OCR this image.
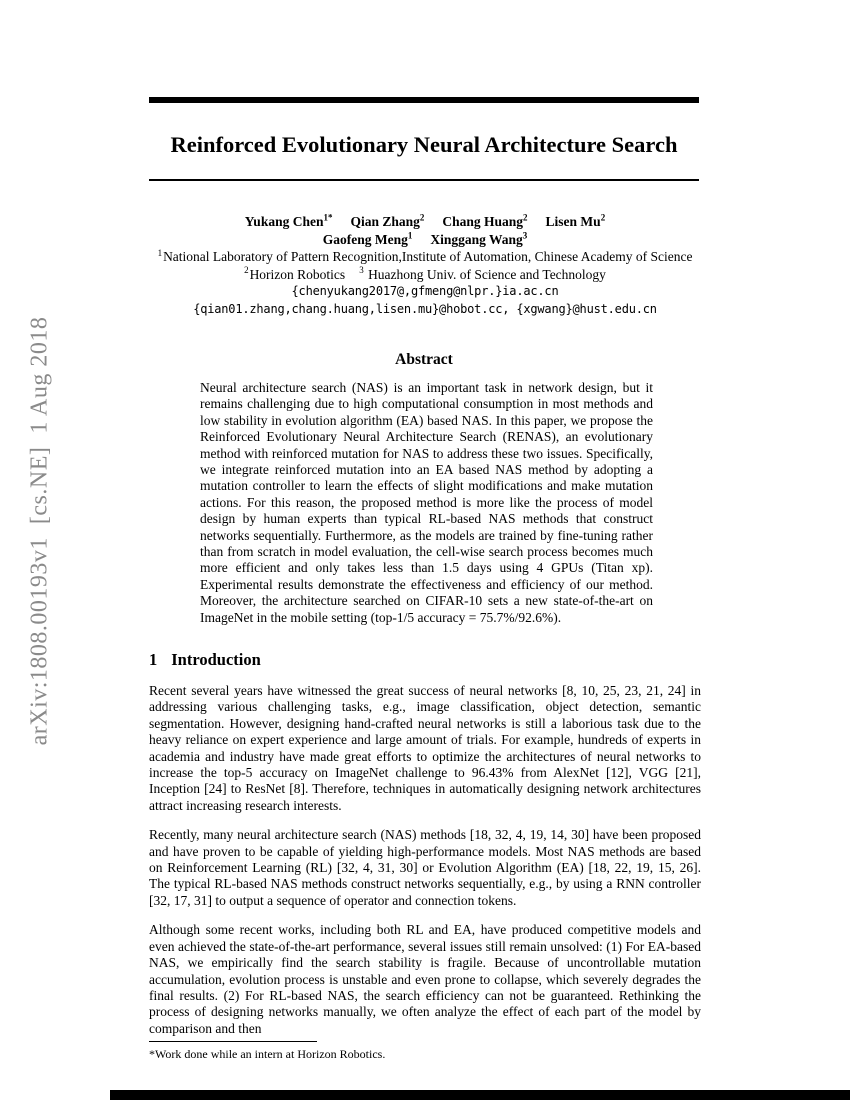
arXiv:1808.00193v1  [cs.NE]  1 Aug 2018
Reinforced Evolutionary Neural Architecture Search
Yukang Chen$^{1*}$ Qian Zhang$^2$ Chang Huang$^2$ Lisen Mu$^2$
Gaofeng Meng$^1$ Xinggang Wang$^3$
$^1$National Laboratory of Pattern Recognition,Institute of Automation, Chinese Academy of Science
$^2$Horizon Robotics $^3$ Huazhong Univ. of Science and Technology
{chenyukang2017@,gfmeng@nlpr.}ia.ac.cn
{qian01.zhang,chang.huang,lisen.mu}@hobot.cc, {xgwang}@hust.edu.cn
Abstract
Neural architecture search (NAS) is an important task in network design, but it remains challenging due to high computational consumption in most methods and low stability in evolution algorithm (EA) based NAS. In this paper, we propose the Reinforced Evolutionary Neural Architecture Search (RENAS), an evolutionary method with reinforced mutation for NAS to address these two issues. Specifically, we integrate reinforced mutation into an EA based NAS method by adopting a mutation controller to learn the effects of slight modifications and make mutation actions. For this reason, the proposed method is more like the process of model design by human experts than typical RL-based NAS methods that construct networks sequentially. Furthermore, as the models are trained by fine-tuning rather than from scratch in model evaluation, the cell-wise search process becomes much more efficient and only takes less than 1.5 days using 4 GPUs (Titan xp). Experimental results demonstrate the effectiveness and efficiency of our method. Moreover, the architecture searched on CIFAR-10 sets a new state-of-the-art on ImageNet in the mobile setting (top-1/5 accuracy = 75.7%/92.6%).
1 Introduction

Recent several years have witnessed the great success of neural networks [8, 10, 25, 23, 21, 24] in addressing various challenging tasks, e.g., image classification, object detection, semantic segmentation. However, designing hand-crafted neural networks is still a laborious task due to the heavy reliance on expert experience and large amount of trials. For example, hundreds of experts in academia and industry have made great efforts to optimize the architectures of neural networks to increase the top-5 accuracy on ImageNet challenge to 96.43% from AlexNet [12], VGG [21], Inception [24] to ResNet [8]. Therefore, techniques in automatically designing network architectures attract increasing research interests.

Recently, many neural architecture search (NAS) methods [18, 32, 4, 19, 14, 30] have been proposed and have proven to be capable of yielding high-performance models. Most NAS methods are based on Reinforcement Learning (RL) [32, 4, 31, 30] or Evolution Algorithm (EA) [18, 22, 19, 15, 26]. The typical RL-based NAS methods construct networks sequentially, e.g., by using a RNN controller [32, 17, 31] to output a sequence of operator and connection tokens.

Although some recent works, including both RL and EA, have produced competitive models and even achieved the state-of-the-art performance, several issues still remain unsolved: (1) For EA-based NAS, we empirically find the search stability is fragile. Because of uncontrollable mutation accumulation, evolution process is unstable and even prone to collapse, which severely degrades the final results. (2) For RL-based NAS, the search efficiency can not be guaranteed. Rethinking the process of designing networks manually, we often analyze the effect of each part of the model by comparison and then

*Work done while an intern at Horizon Robotics.
